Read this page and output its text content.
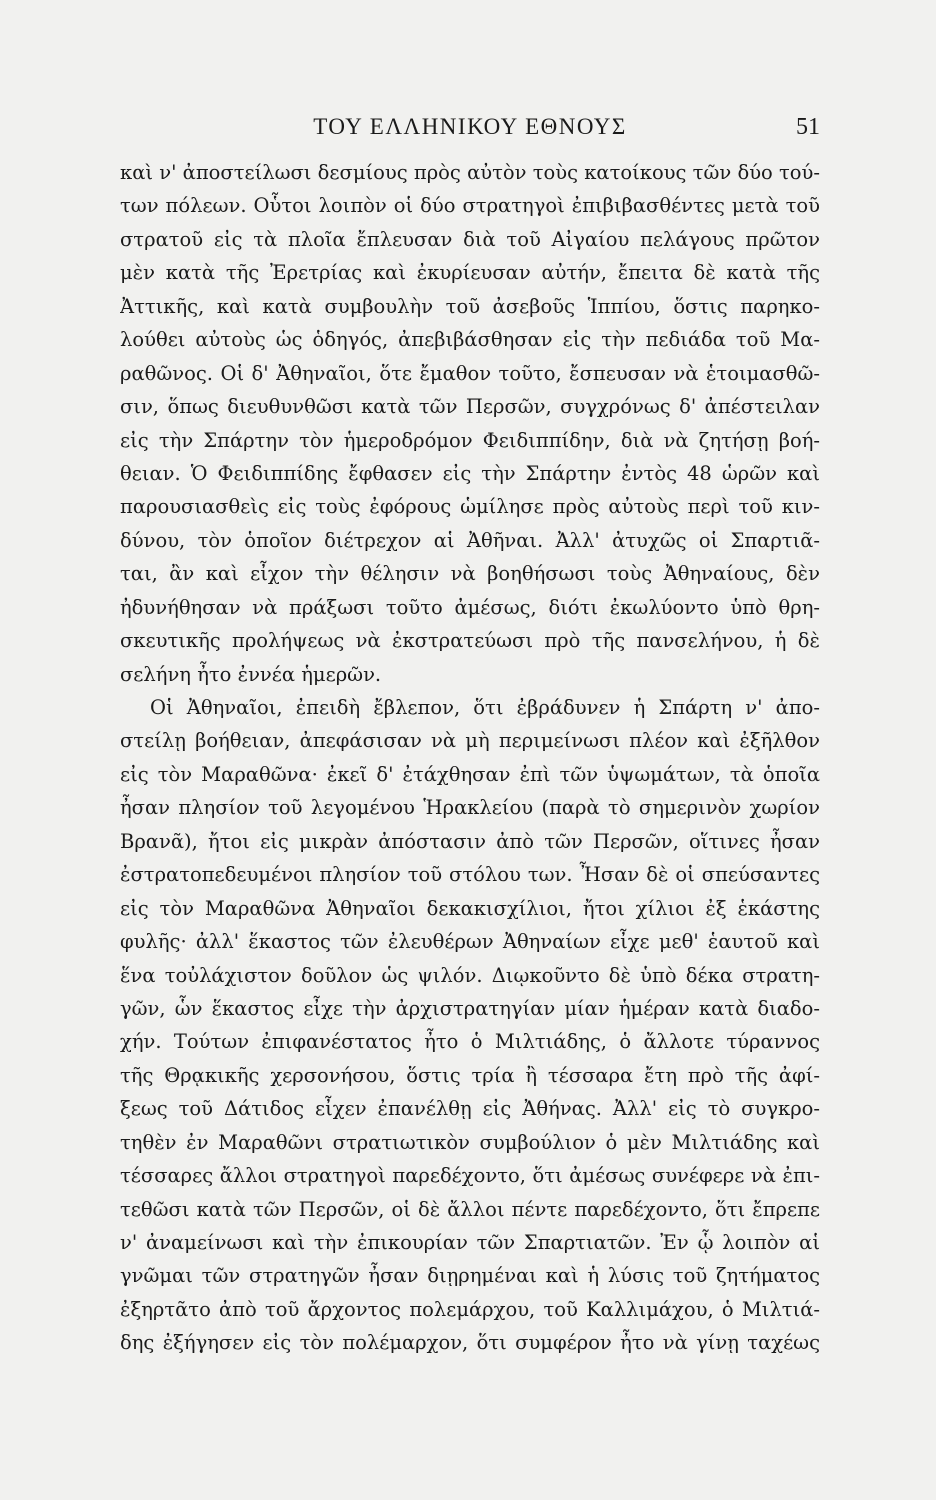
ΤΟΥ ΕΛΛΗΝΙΚΟΥ ΕΘΝΟΥΣ	51
καὶ ν' ἀποστείλωσι δεσμίους πρὸς αὐτὸν τοὺς κατοίκους τῶν δύο τού-
των πόλεων. Οὗτοι λοιπὸν οἱ δύο στρατηγοὶ ἐπιβιβασθέντες μετὰ τοῦ
στρατοῦ εἰς τὰ πλοῖα ἔπλευσαν διὰ τοῦ Αἰγαίου πελάγους πρῶτον
μὲν κατὰ τῆς Ἐρετρίας καὶ ἐκυρίευσαν αὐτήν, ἔπειτα δὲ κατὰ τῆς
Ἀττικῆς, καὶ κατὰ συμβουλὴν τοῦ ἀσεβοῦς Ἱππίου, ὅστις παρηκο-
λούθει αὐτοὺς ὡς ὁδηγός, ἀπεβιβάσθησαν εἰς τὴν πεδιάδα τοῦ Μα-
ραθῶνος. Οἱ δ' Ἀθηναῖοι, ὅτε ἔμαθον τοῦτο, ἔσπευσαν νὰ ἑτοιμασθῶ-
σιν, ὅπως διευθυνθῶσι κατὰ τῶν Περσῶν, συγχρόνως δ' ἀπέστειλαν
εἰς τὴν Σπάρτην τὸν ἡμεροδρόμον Φειδιππίδην, διὰ νὰ ζητήσῃ βοή-
θειαν. Ὁ Φειδιππίδης ἔφθασεν εἰς τὴν Σπάρτην ἐντὸς 48 ὡρῶν καὶ
παρουσιασθεὶς εἰς τοὺς ἐφόρους ὡμίλησε πρὸς αὐτοὺς περὶ τοῦ κιν-
δύνου, τὸν ὁποῖον διέτρεχον αἱ Ἀθῆναι. Ἀλλ' ἀτυχῶς οἱ Σπαρτιᾶ-
ται, ἂν καὶ εἶχον τὴν θέλησιν νὰ βοηθήσωσι τοὺς Ἀθηναίους, δὲν
ἠδυνήθησαν νὰ πράξωσι τοῦτο ἀμέσως, διότι ἐκωλύοντο ὑπὸ θρη-
σκευτικῆς προλήψεως νὰ ἐκστρατεύωσι πρὸ τῆς πανσελήνου, ἡ δὲ
σελήνη ἦτο ἐννέα ἡμερῶν.
Οἱ Ἀθηναῖοι, ἐπειδὴ ἔβλεπον, ὅτι ἐβράδυνεν ἡ Σπάρτη ν' ἀπο-
στείλῃ βοήθειαν, ἀπεφάσισαν νὰ μὴ περιμείνωσι πλέον καὶ ἐξῆλθον
εἰς τὸν Μαραθῶνα· ἐκεῖ δ' ἐτάχθησαν ἐπὶ τῶν ὑψωμάτων, τὰ ὁποῖα
ἦσαν πλησίον τοῦ λεγομένου Ἡρακλείου (παρὰ τὸ σημερινὸν χωρίον
Βρανᾶ), ἤτοι εἰς μικρὰν ἀπόστασιν ἀπὸ τῶν Περσῶν, οἵτινες ἦσαν
ἐστρατοπεδευμένοι πλησίον τοῦ στόλου των. Ἦσαν δὲ οἱ σπεύσαντες
εἰς τὸν Μαραθῶνα Ἀθηναῖοι δεκακισχίλιοι, ἤτοι χίλιοι ἐξ ἑκάστης
φυλῆς· ἀλλ' ἕκαστος τῶν ἐλευθέρων Ἀθηναίων εἶχε μεθ' ἑαυτοῦ καὶ
ἕνα τοὐλάχιστον δοῦλον ὡς ψιλόν. Διῳκοῦντο δὲ ὑπὸ δέκα στρατη-
γῶν, ὧν ἕκαστος εἶχε τὴν ἀρχιστρατηγίαν μίαν ἡμέραν κατὰ διαδο-
χήν. Τούτων ἐπιφανέστατος ἦτο ὁ Μιλτιάδης, ὁ ἄλλοτε τύραννος
τῆς Θρᾳκικῆς χερσονήσου, ὅστις τρία ἢ τέσσαρα ἔτη πρὸ τῆς ἀφί-
ξεως τοῦ Δάτιδος εἶχεν ἐπανέλθῃ εἰς Ἀθήνας. Ἀλλ' εἰς τὸ συγκρο-
τηθὲν ἐν Μαραθῶνι στρατιωτικὸν συμβούλιον ὁ μὲν Μιλτιάδης καὶ
τέσσαρες ἄλλοι στρατηγοὶ παρεδέχοντο, ὅτι ἀμέσως συνέφερε νὰ ἐπι-
τεθῶσι κατὰ τῶν Περσῶν, οἱ δὲ ἄλλοι πέντε παρεδέχοντο, ὅτι ἔπρεπε
ν' ἀναμείνωσι καὶ τὴν ἐπικουρίαν τῶν Σπαρτιατῶν. Ἐν ᾧ λοιπὸν αἱ
γνῶμαι τῶν στρατηγῶν ἦσαν διῃρημέναι καὶ ἡ λύσις τοῦ ζητήματος
ἐξηρτᾶτο ἀπὸ τοῦ ἄρχοντος πολεμάρχου, τοῦ Καλλιμάχου, ὁ Μιλτιά-
δης ἐξήγησεν εἰς τὸν πολέμαρχον, ὅτι συμφέρον ἦτο νὰ γίνῃ ταχέως
